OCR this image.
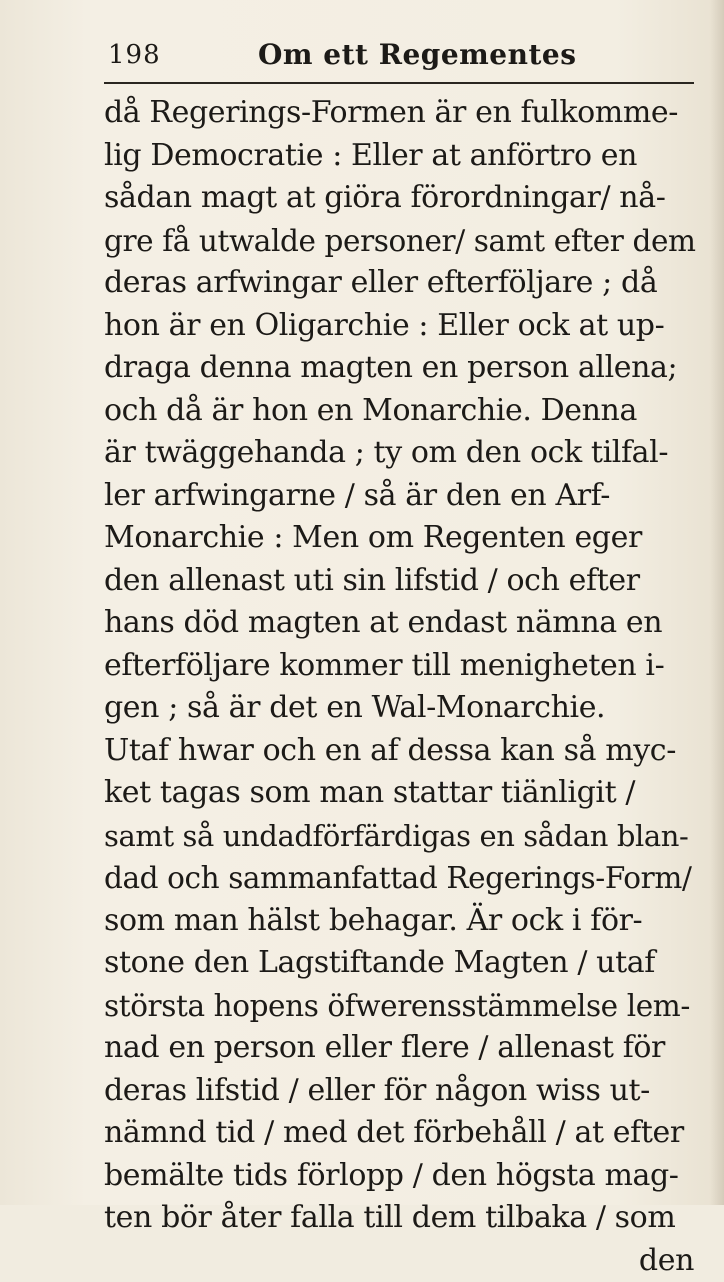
198	Om ett Regementes
då Regerings-Formen är en fulkomme-
lig Democratie : Eller at anförtro en
sådan magt at giöra förordningar/ nå-
gre få utwalde personer/ samt efter dem
deras arfwingar eller efterföljare ; då
hon är en Oligarchie : Eller ock at up-
draga denna magten en person allena;
och då är hon en Monarchie. Denna
är twäggehanda ; ty om den ock tilfal-
ler arfwingarne / så är den en Arf-
Monarchie : Men om Regenten eger
den allenast uti sin lifstid / och efter
hans död magten at endast nämna en
efterföljare kommer till menigheten i-
gen ; så är det en Wal-Monarchie.
Utaf hwar och en af dessa kan så myc-
ket tagas som man stattar tiänligit /
samt så undadförfärdigas en sådan blan-
dad och sammanfattad Regerings-Form/
som man hälst behagar. Är ock i för-
stone den Lagstiftande Magten / utaf
största hopens öfwerensstämmelse lem-
nad en person eller flere / allenast för
deras lifstid / eller för någon wiss ut-
nämnd tid / med det förbehåll / at efter
bemälte tids förlopp / den högsta mag-
ten bör åter falla till dem tilbaka / som
den
